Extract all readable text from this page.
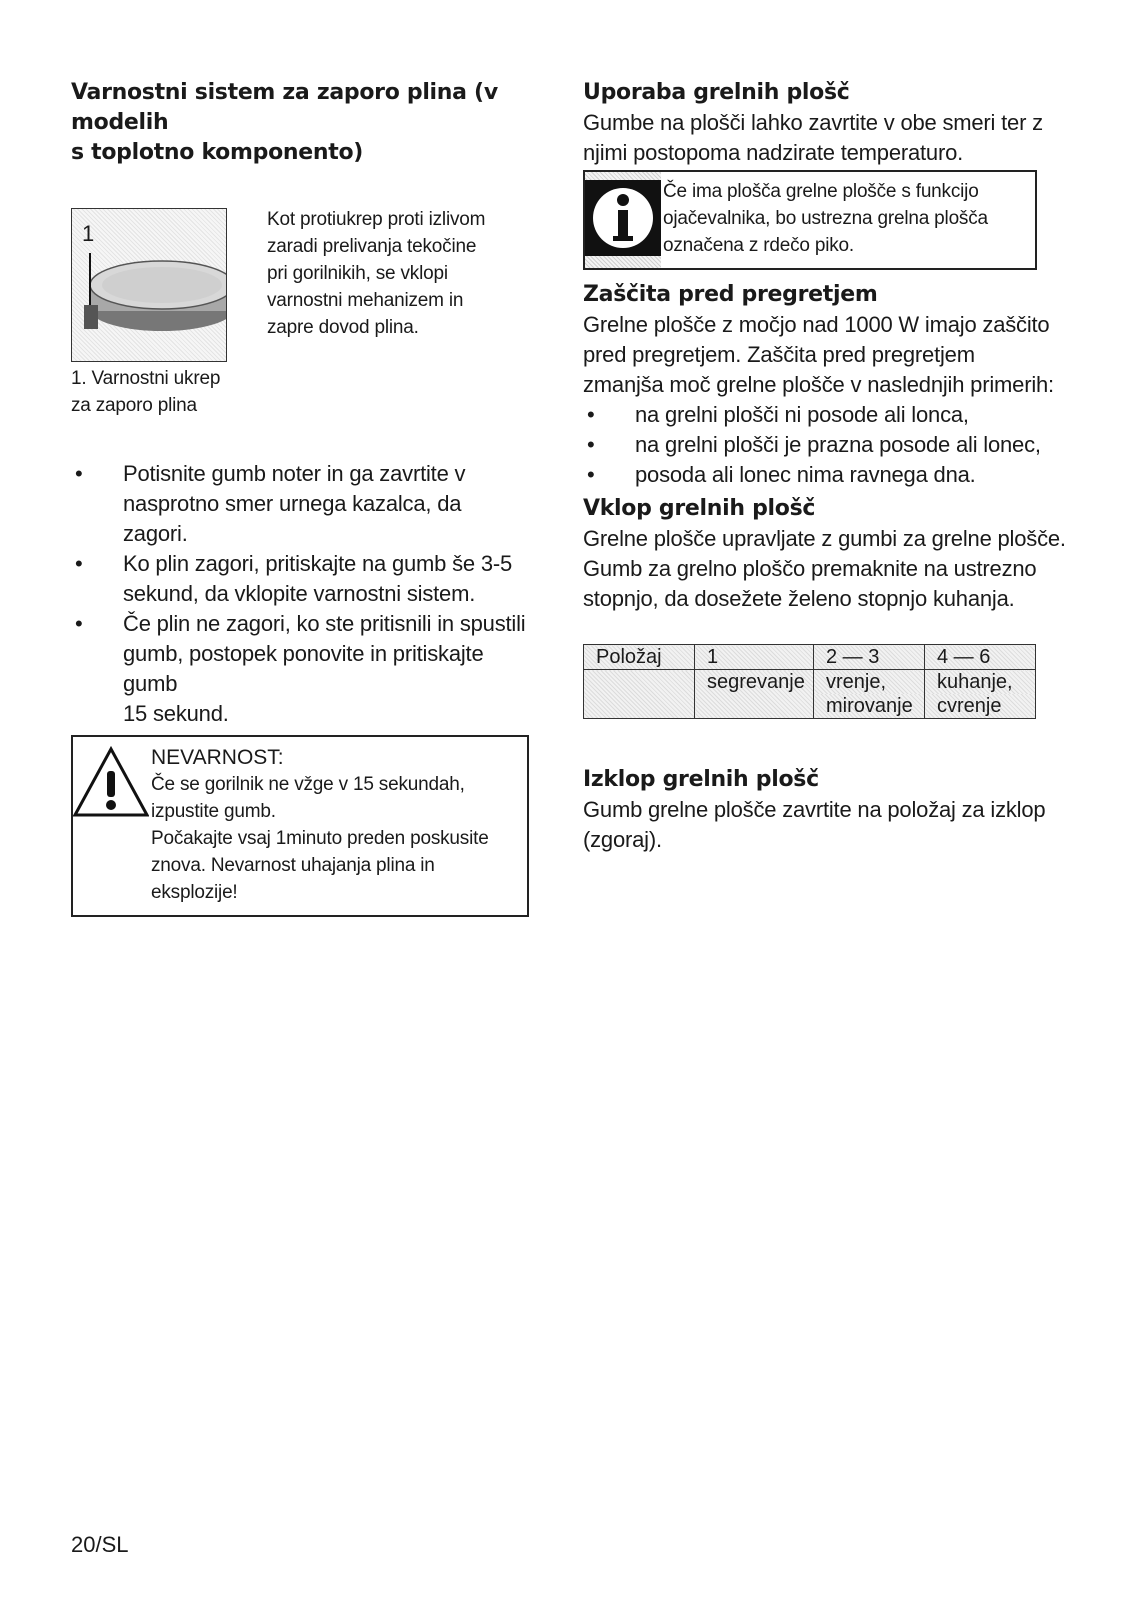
Varnostni sistem za zaporo plina (v modelih
s toplotno komponento)

1
1. Varnostni ukrep
za zaporo plina
Kot protiukrep proti izlivom
zaradi prelivanja tekočine
pri gorilnikih, se vklopi
varnostni mehanizem in
zapre dovod plina.
•	Potisnite gumb noter in ga zavrtite v
nasprotno smer urnega kazalca, da zagori.
•	Ko plin zagori, pritiskajte na gumb še 3-5
sekund, da vklopite varnostni sistem.
•	Če plin ne zagori, ko ste pritisnili in spustili
gumb, postopek ponovite in pritiskajte gumb
15 sekund.
NEVARNOST:
Če se gorilnik ne vžge v 15 sekundah,
izpustite gumb.
Počakajte vsaj 1minuto preden poskusite
znova. Nevarnost uhajanja plina in
eksplozije!

Uporaba grelnih plošč

Gumbe na plošči lahko zavrtite v obe smeri ter z
njimi postopoma nadzirate temperaturo.

Če ima plošča grelne plošče s funkcijo
ojačevalnika, bo ustrezna grelna plošča
označena z rdečo piko.

Zaščita pred pregretjem

Grelne plošče z močjo nad 1000 W imajo zaščito
pred pregretjem. Zaščita pred pregretjem
zmanjša moč grelne plošče v naslednjih primerih:

•	na grelni plošči ni posode ali lonca,
•	na grelni plošči je prazna posode ali lonec,
•	posoda ali lonec nima ravnega dna.

Vklop grelnih plošč

Grelne plošče upravljate z gumbi za grelne plošče.
Gumb za grelno ploščo premaknite na ustrezno
stopnjo, da dosežete želeno stopnjo kuhanja.

Položaj	1	2 — 3	4 — 6
	segrevanje	vrenje,	kuhanje,
		mirovanje	cvrenje

Izklop grelnih plošč

Gumb grelne plošče zavrtite na položaj za izklop
(zgoraj).

20/SL
